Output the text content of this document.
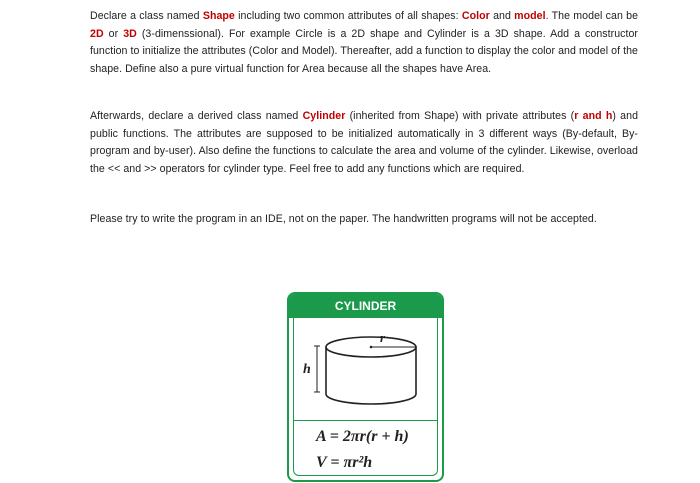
Declare a class named Shape including two common attributes of all shapes: Color and model. The model can be 2D or 3D (3-dimenssional). For example Circle is a 2D shape and Cylinder is a 3D shape. Add a constructor function to initialize the attributes (Color and Model). Thereafter, add a function to display the color and model of the shape. Define also a pure virtual function for Area because all the shapes have Area.
Afterwards, declare a derived class named Cylinder (inherited from Shape) with private attributes (r and h) and public functions. The attributes are supposed to be initialized automatically in 3 different ways (By-default, By-program and by-user). Also define the functions to calculate the area and volume of the cylinder. Likewise, overload the << and >> operators for cylinder type. Feel free to add any functions which are required.
Please try to write the program in an IDE, not on the paper. The handwritten programs will not be accepted.
CYLINDER
r
h
A = 2πr(r + h)
V = πr²h
